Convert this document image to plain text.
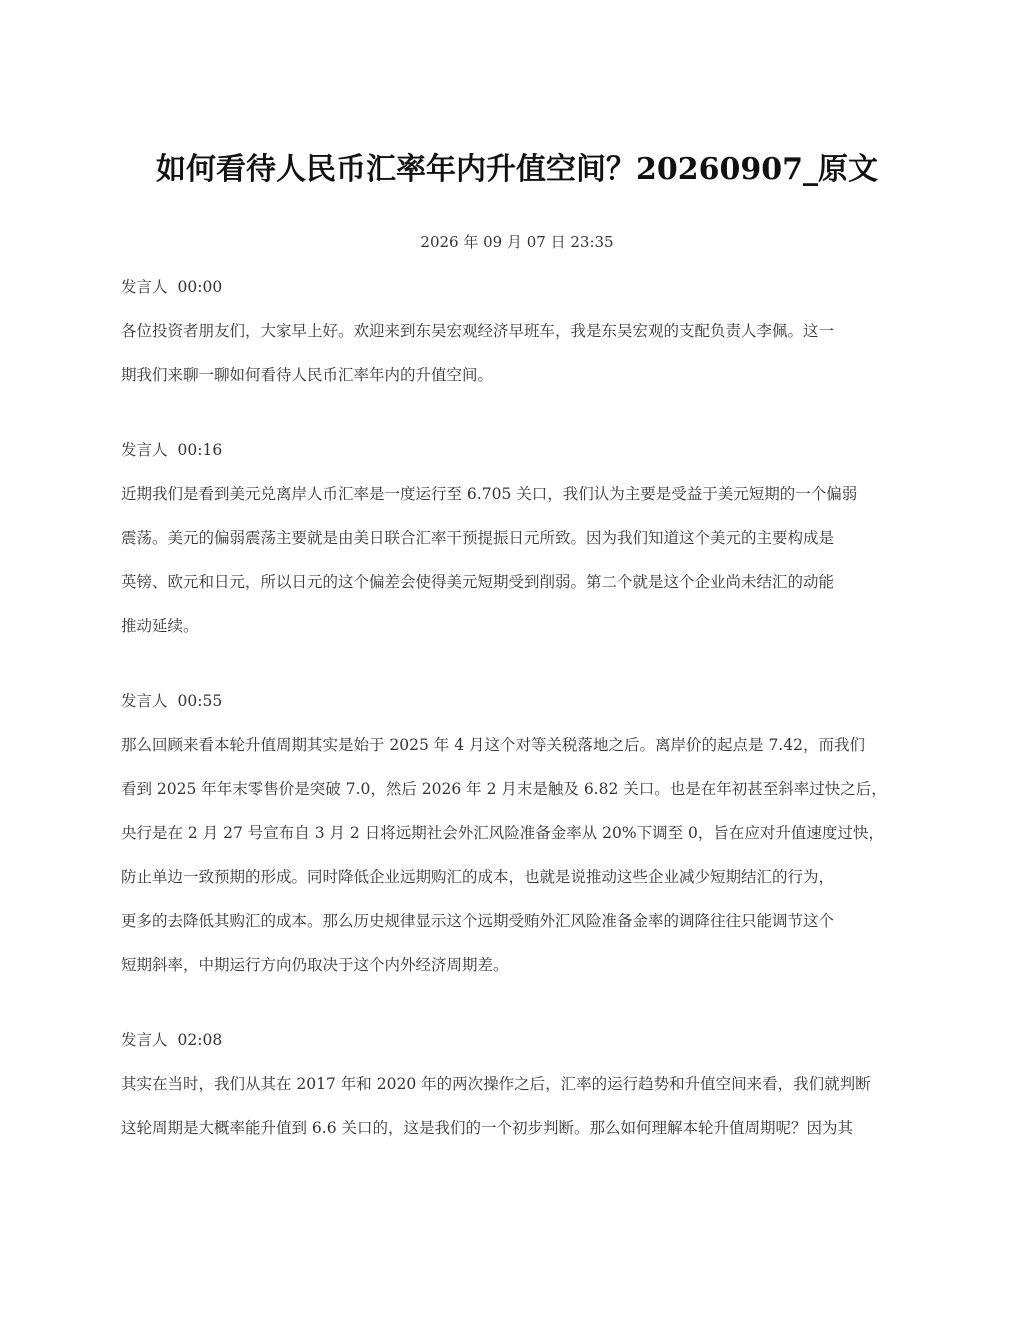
如何看待人民币汇率年内升值空间？20260907_原文
2026 年 09 月 07 日 23:35
发言人 00:00
各位投资者朋友们，大家早上好。欢迎来到东吴宏观经济早班车，我是东吴宏观的支配负责人李佩。这一
期我们来聊一聊如何看待人民币汇率年内的升值空间。
发言人 00:16
近期我们是看到美元兑离岸人币汇率是一度运行至 6.705 关口，我们认为主要是受益于美元短期的一个偏弱
震荡。美元的偏弱震荡主要就是由美日联合汇率干预提振日元所致。因为我们知道这个美元的主要构成是
英镑、欧元和日元，所以日元的这个偏差会使得美元短期受到削弱。第二个就是这个企业尚未结汇的动能
推动延续。
发言人 00:55
那么回顾来看本轮升值周期其实是始于 2025 年 4 月这个对等关税落地之后。离岸价的起点是 7.42，而我们
看到 2025 年年末零售价是突破 7.0，然后 2026 年 2 月末是触及 6.82 关口。也是在年初甚至斜率过快之后，
央行是在 2 月 27 号宣布自 3 月 2 日将远期社会外汇风险准备金率从 20%下调至 0，旨在应对升值速度过快，
防止单边一致预期的形成。同时降低企业远期购汇的成本，也就是说推动这些企业减少短期结汇的行为，
更多的去降低其购汇的成本。那么历史规律显示这个远期受贿外汇风险准备金率的调降往往只能调节这个
短期斜率，中期运行方向仍取决于这个内外经济周期差。
发言人 02:08
其实在当时，我们从其在 2017 年和 2020 年的两次操作之后，汇率的运行趋势和升值空间来看，我们就判断
这轮周期是大概率能升值到 6.6 关口的，这是我们的一个初步判断。那么如何理解本轮升值周期呢？因为其
